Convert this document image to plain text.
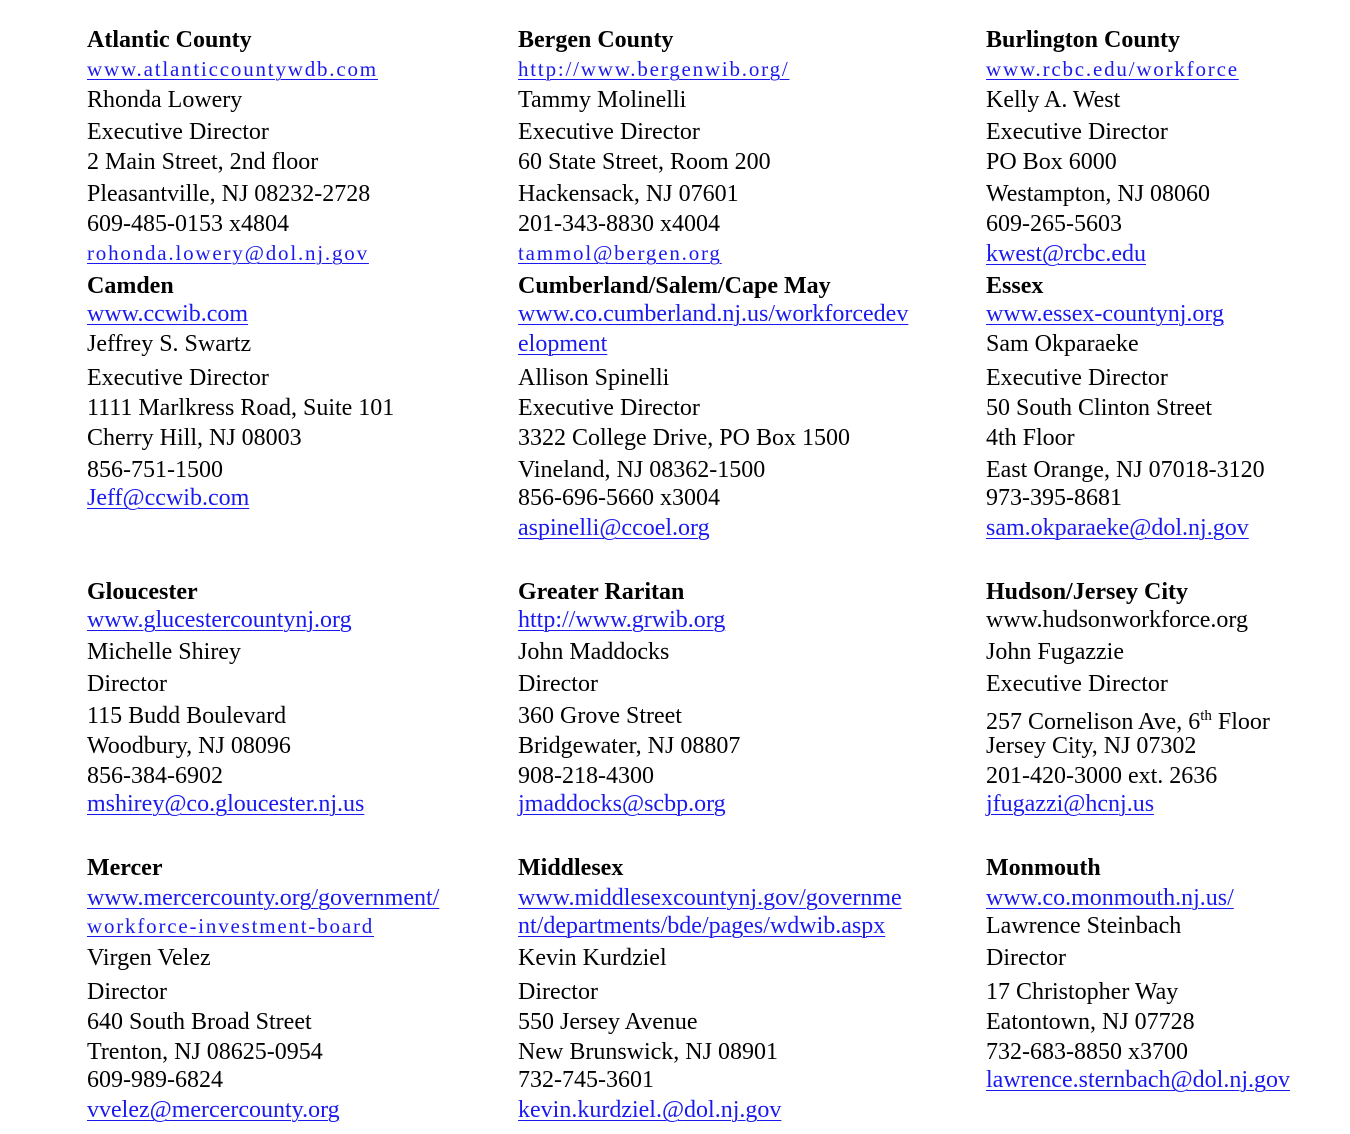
Atlantic County
www.atlanticcountywdb.com
Rhonda Lowery
Executive Director
2 Main Street, 2nd floor
Pleasantville, NJ 08232-2728
609-485-0153 x4804
rohonda.lowery@dol.nj.gov
Bergen County
http://www.bergenwib.org/
Tammy Molinelli
Executive Director
60 State Street, Room 200
Hackensack, NJ 07601
201-343-8830 x4004
tammol@bergen.org
Burlington County
www.rcbc.edu/workforce
Kelly A. West
Executive Director
PO Box 6000
Westampton, NJ 08060
609-265-5603
kwest@rcbc.edu
Camden
www.ccwib.com
Jeffrey S. Swartz
Executive Director
1111 Marlkress Road, Suite 101
Cherry Hill, NJ 08003
856-751-1500
Jeff@ccwib.com
Cumberland/Salem/Cape May
www.co.cumberland.nj.us/workforcedev
elopment
Allison Spinelli
Executive Director
3322 College Drive, PO Box 1500
Vineland, NJ 08362-1500
856-696-5660 x3004
aspinelli@ccoel.org
Essex
www.essex-countynj.org
Sam Okparaeke
Executive Director
50 South Clinton Street
4th Floor
East Orange, NJ 07018-3120
973-395-8681
sam.okparaeke@dol.nj.gov
Gloucester
www.glucestercountynj.org
Michelle Shirey
Director
115 Budd Boulevard
Woodbury, NJ 08096
856-384-6902
mshirey@co.gloucester.nj.us
Greater Raritan
http://www.grwib.org
John Maddocks
Director
360 Grove Street
Bridgewater, NJ 08807
908-218-4300
jmaddocks@scbp.org
Hudson/Jersey City
www.hudsonworkforce.org
John Fugazzie
Executive Director
257 Cornelison Ave, 6th Floor
Jersey City, NJ 07302
201-420-3000 ext. 2636
jfugazzi@hcnj.us
Mercer
www.mercercounty.org/government/
workforce-investment-board
Virgen Velez
Director
640 South Broad Street
Trenton, NJ 08625-0954
609-989-6824
vvelez@mercercounty.org
Middlesex
www.middlesexcountynj.gov/governme
nt/departments/bde/pages/wdwib.aspx
Kevin Kurdziel
Director
550 Jersey Avenue
New Brunswick, NJ 08901
732-745-3601
kevin.kurdziel.@dol.nj.gov
Monmouth
www.co.monmouth.nj.us/
Lawrence Steinbach
Director
17 Christopher Way
Eatontown, NJ 07728
732-683-8850 x3700
lawrence.sternbach@dol.nj.gov
